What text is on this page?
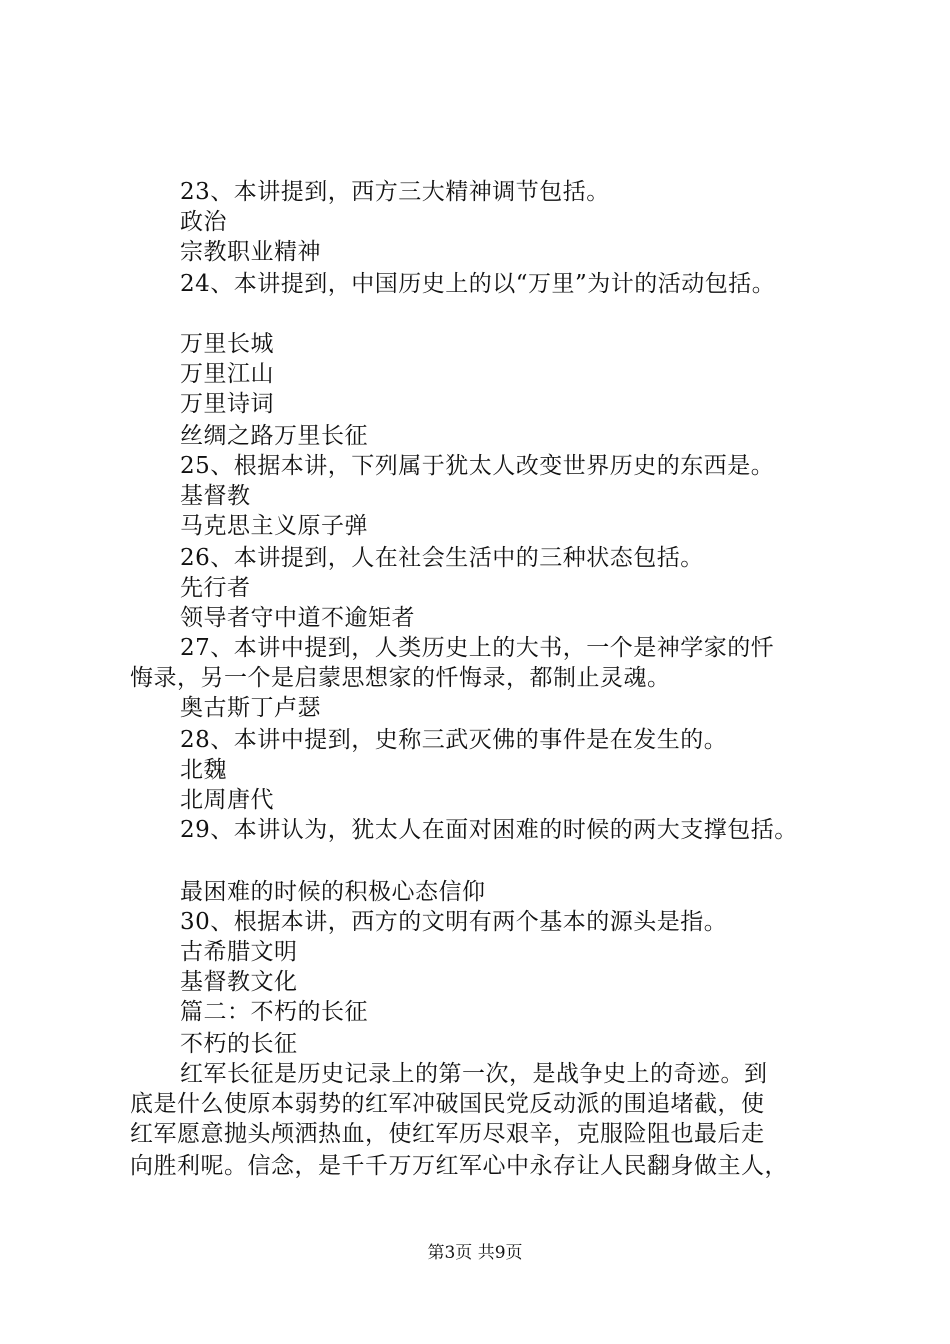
23、本讲提到，西方三大精神调节包括。
政治
宗教职业精神
24、本讲提到，中国历史上的以“万里”为计的活动包括。
万里长城
万里江山
万里诗词
丝绸之路万里长征
25、根据本讲，下列属于犹太人改变世界历史的东西是。
基督教
马克思主义原子弹
26、本讲提到，人在社会生活中的三种状态包括。
先行者
领导者守中道不逾矩者
27、本讲中提到，人类历史上的大书，一个是神学家的忏
悔录，另一个是启蒙思想家的忏悔录，都制止灵魂。
奥古斯丁卢瑟
28、本讲中提到，史称三武灭佛的事件是在发生的。
北魏
北周唐代
29、本讲认为，犹太人在面对困难的时候的两大支撑包括。
最困难的时候的积极心态信仰
30、根据本讲，西方的文明有两个基本的源头是指。
古希腊文明
基督教文化
篇二：不朽的长征
不朽的长征
红军长征是历史记录上的第一次，是战争史上的奇迹。到
底是什么使原本弱势的红军冲破国民党反动派的围追堵截，使
红军愿意抛头颅洒热血，使红军历尽艰辛，克服险阻也最后走
向胜利呢。信念，是千千万万红军心中永存让人民翻身做主人，
第3页 共9页
